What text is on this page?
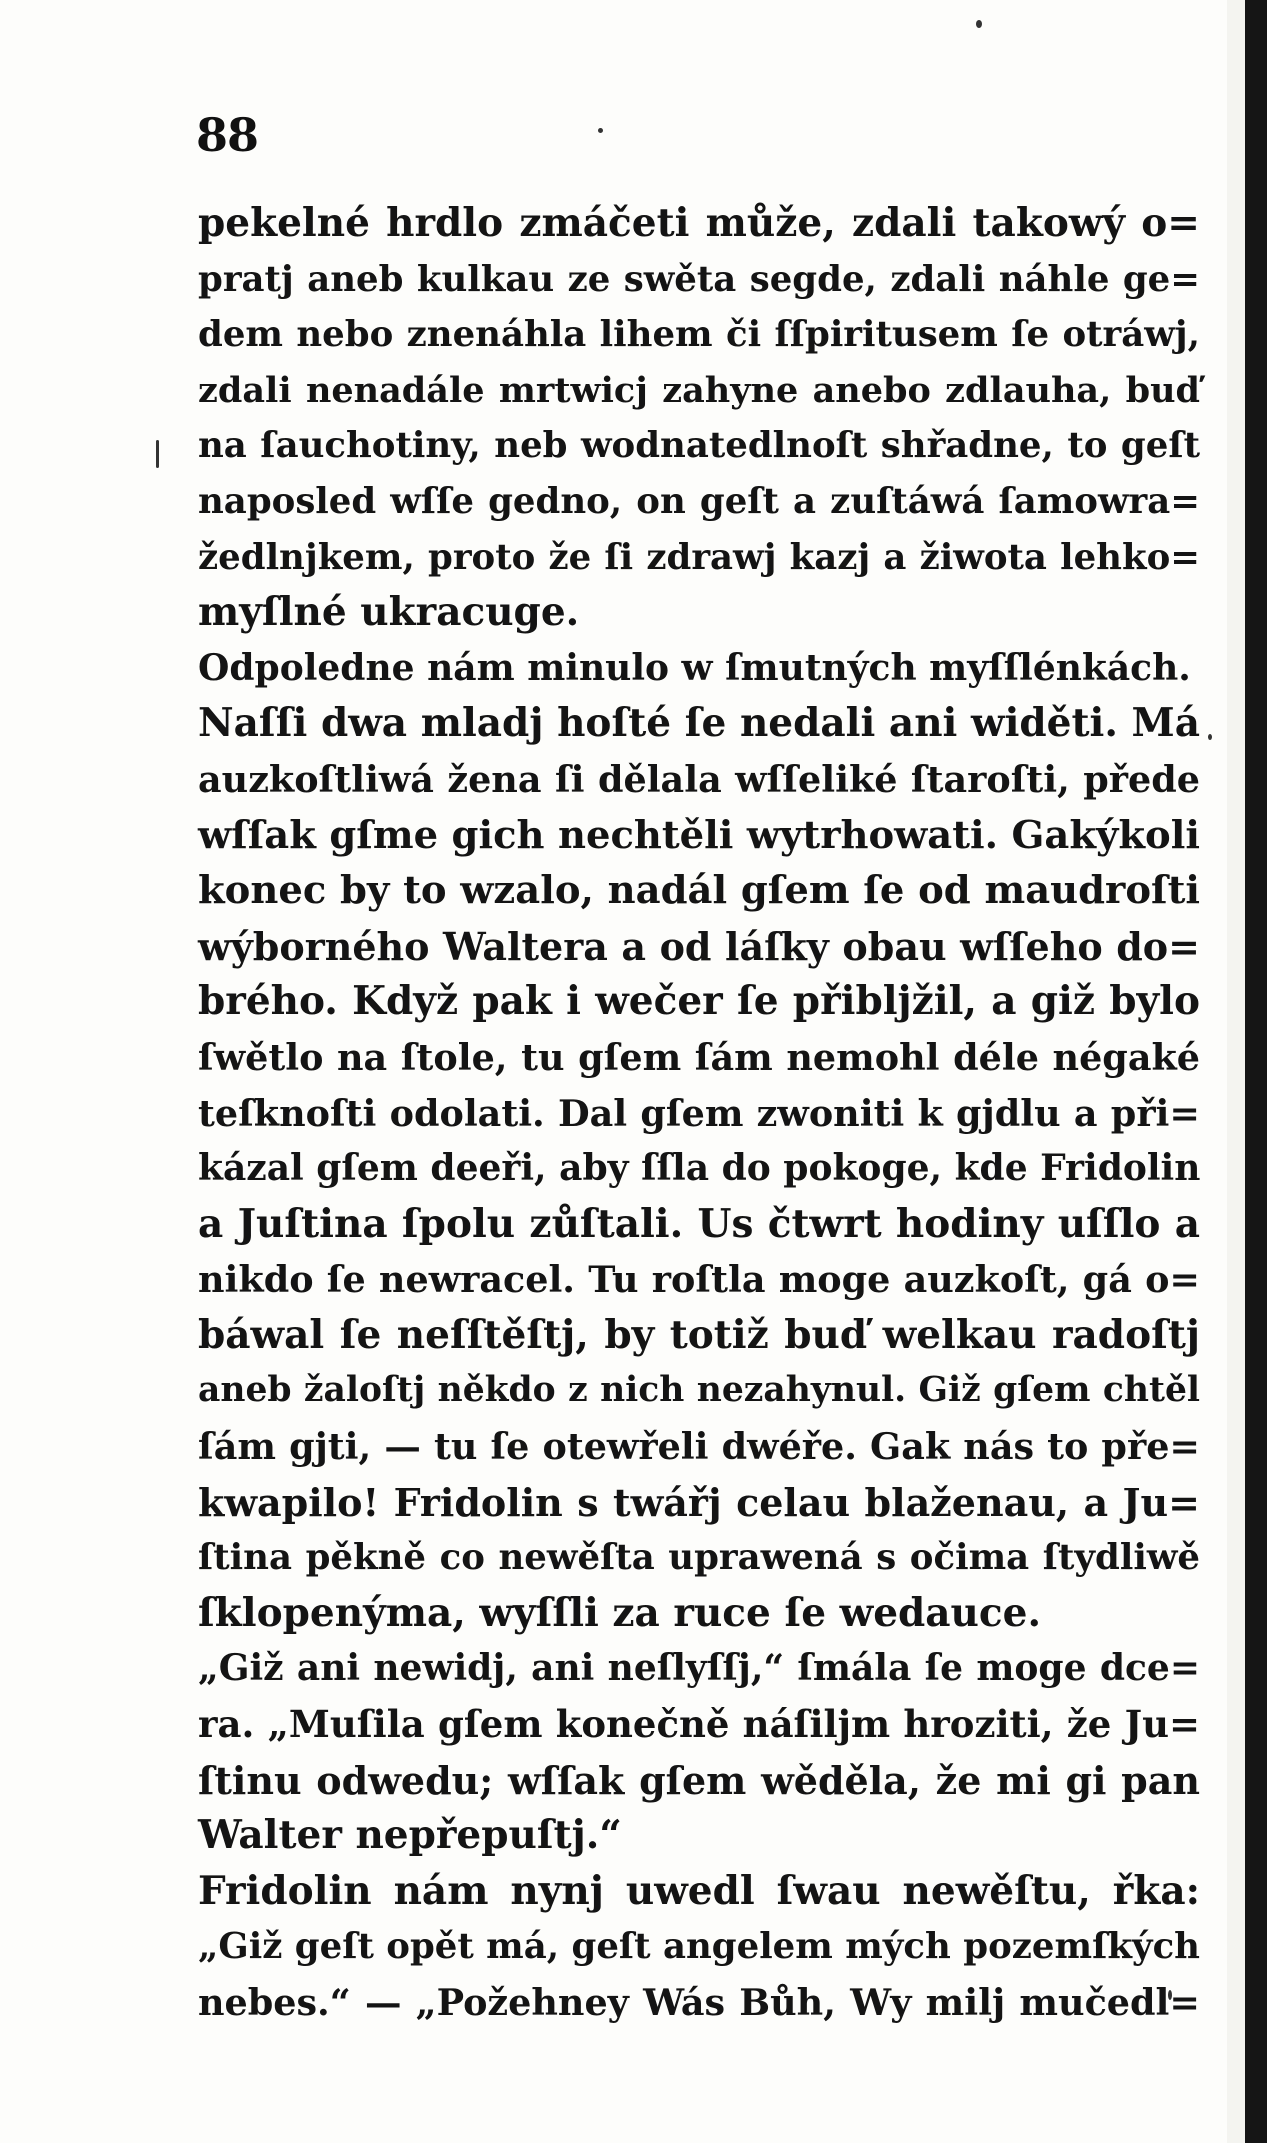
88
pekelné hrdlo zmáčeti může, zdali takowý o=
pratj aneb kulkau ze swěta segde, zdali náhle ge=
dem nebo znenáhla lihem či ſſpiritusem ſe otráwj,
zdali nenadále mrtwicj zahyne anebo zdlauha, buď
na ſauchotiny, neb wodnatedlnoſt shřadne, to geſt
naposled wſſe gedno, on geſt a zuſtáwá ſamowra=
žedlnjkem, proto že ſi zdrawj kazj a žiwota lehko=
myſlné ukracuge.
Odpoledne nám minulo w ſmutných myſſlénkách.
Naſſi dwa mladj hoſté ſe nedali ani widěti. Má
auzkoſtliwá žena ſi dělala wſſeliké ſtaroſti, přede
wſſak gſme gich nechtěli wytrhowati. Gakýkoli
konec by to wzalo, nadál gſem ſe od maudroſti
wýborného Waltera a od láſky obau wſſeho do=
brého. Když pak i wečer ſe přiblјžil, a giž bylo
ſwětlo na ſtole, tu gſem ſám nemohl déle négaké
teſknoſti odolati. Dal gſem zwoniti k gjdlu a při=
kázal gſem deeři, aby ſſla do pokoge, kde Fridolin
a Juſtina ſpolu zůſtali. Us čtwrt hodiny uſſlo a
nikdo ſe newracel. Tu roſtla moge auzkoſt, gá o=
báwal ſe neſſtěſtj, by totiž buď welkau radoſtj
aneb žaloſtj někdo z nich nezahynul. Giž gſem chtěl
ſám gjti, — tu ſe otewřeli dwéře. Gak nás to pře=
kwapilo! Fridolin s twářj celau blaženau, a Ju=
ſtina pěkně co newěſta uprawená s očima ſtydliwě
ſklopenýma, wyſſli za ruce ſe wedauce.
„Giž ani newidj, ani neſlyſſj,“ ſmála ſe moge dce=
ra. „Muſila gſem konečně náſilјm hroziti, že Ju=
ſtinu odwedu; wſſak gſem wěděla, že mi gi pan
Walter nepřepuſtj.“
Fridolin nám nynj uwedl ſwau newěſtu, řka:
„Giž geſt opět má, geſt angelem mých pozemſkých
nebes.“ — „Požehney Wás Bůh, Wy milj mučedl=
